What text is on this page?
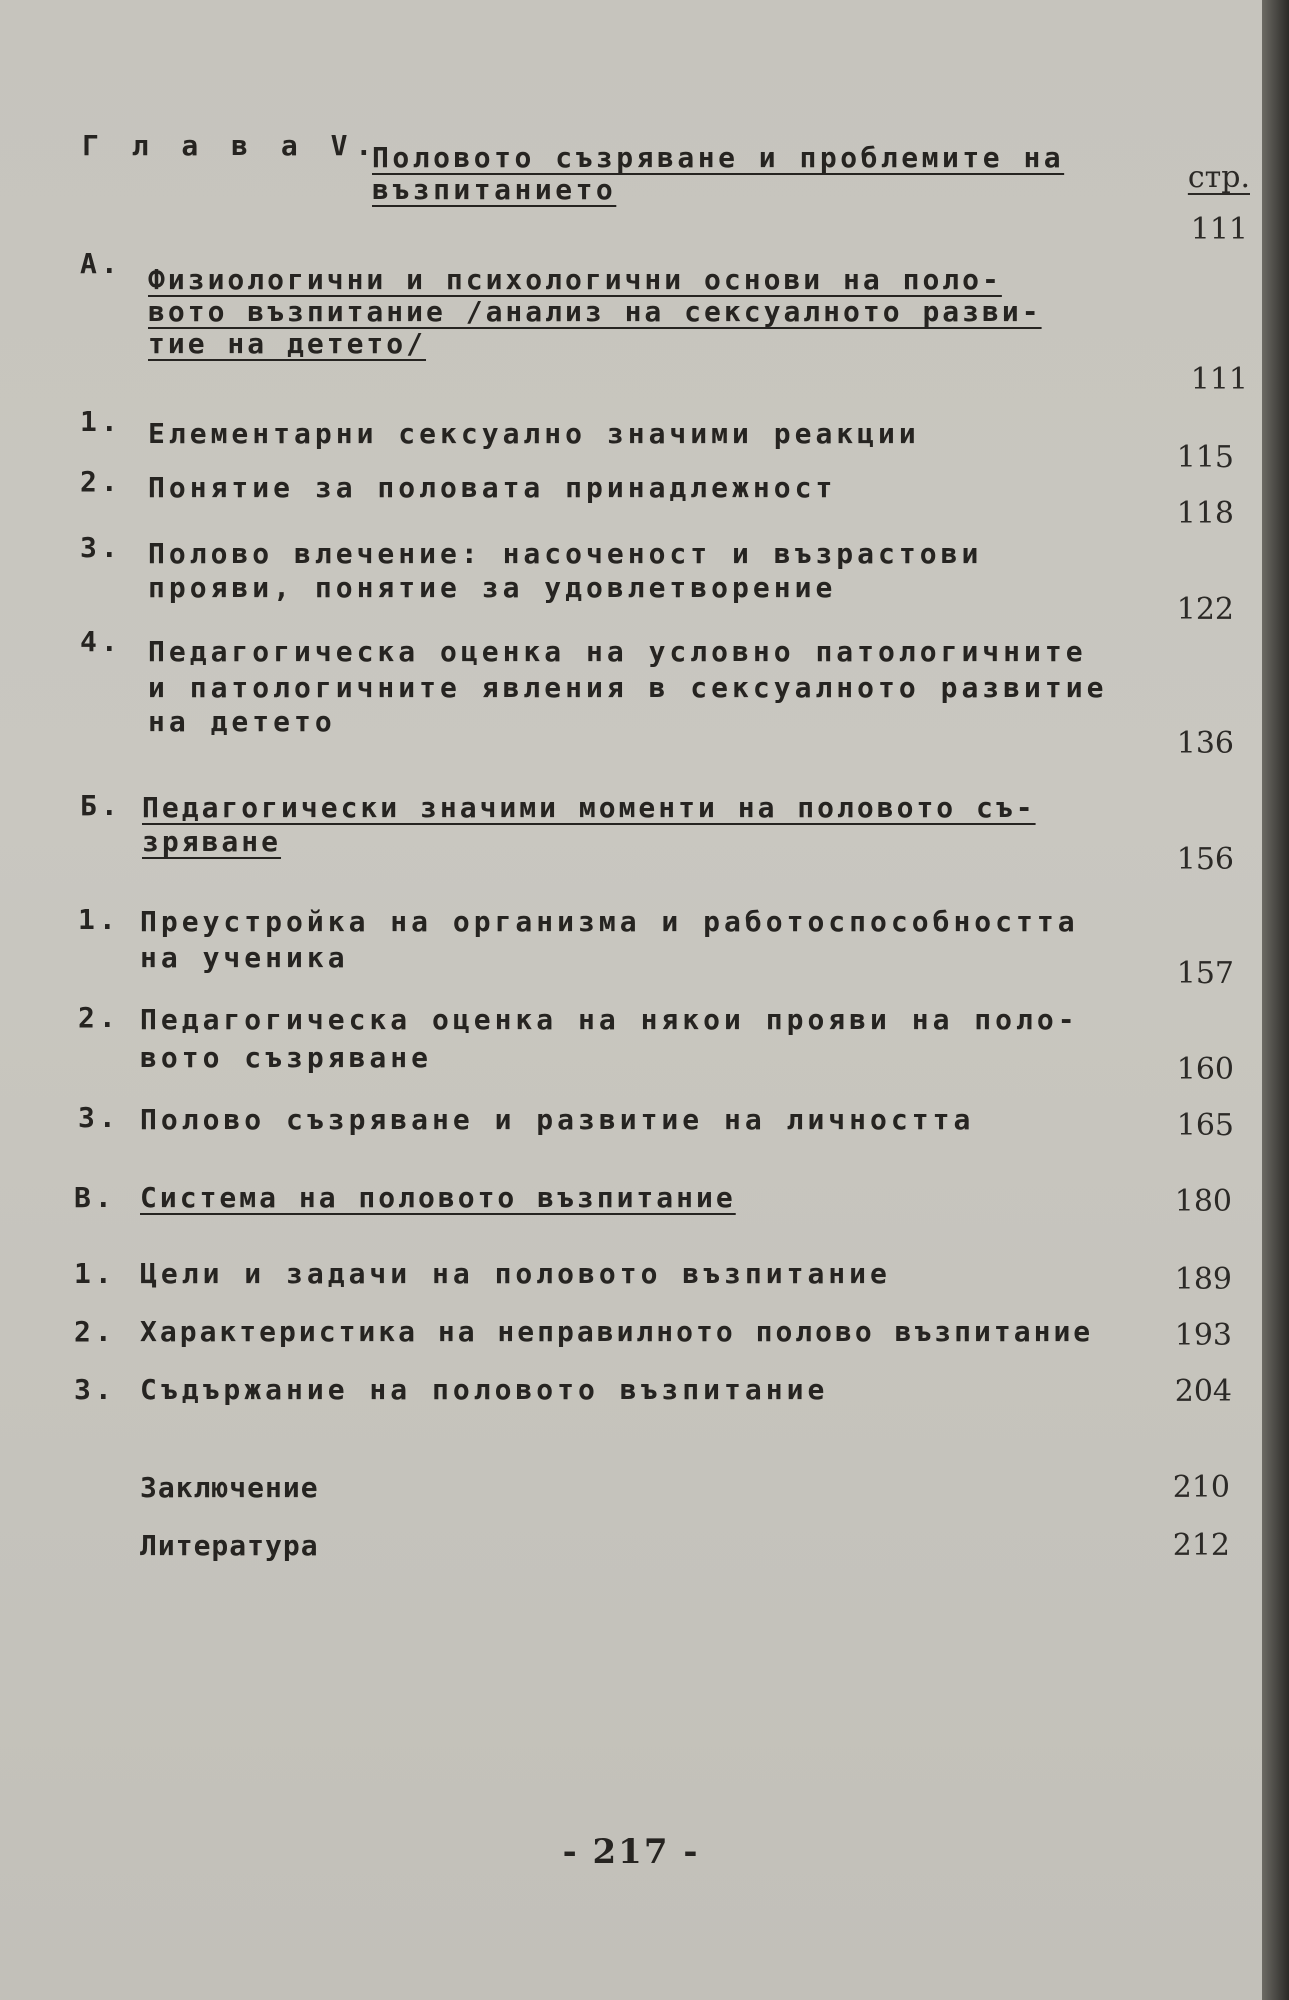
Г л а в а V.
Половото съзряване и проблемите на
възпитанието	стр.
111
А. Физиологични и психологични основи на поло-
вото възпитание /анализ на сексуалното разви-
тие на детето/
111
1. Елементарни сексуално значими реакции
115
2. Понятие за половата принадлежност
118
3. Полово влечение: насоченост и възрастови
прояви, понятие за удовлетворение
122
4. Педагогическа оценка на условно патологичните
и патологичните явления в сексуалното развитие
на детето
136
Б. Педагогически значими моменти на половото съ-
зряване
156
1. Преустройка на организма и работоспособността
на ученика	157
2. Педагогическа оценка на някои прояви на поло-
вото съзряване	160
3. Полово съзряване и развитие на личността	165
В. Система на половото възпитание	180
1. Цели и задачи на половото възпитание	189
2. Характеристика на неправилното полово възпитание	193
3. Съдържание на половото възпитание	204
Заключение	210
Литература	212
- 217 -
